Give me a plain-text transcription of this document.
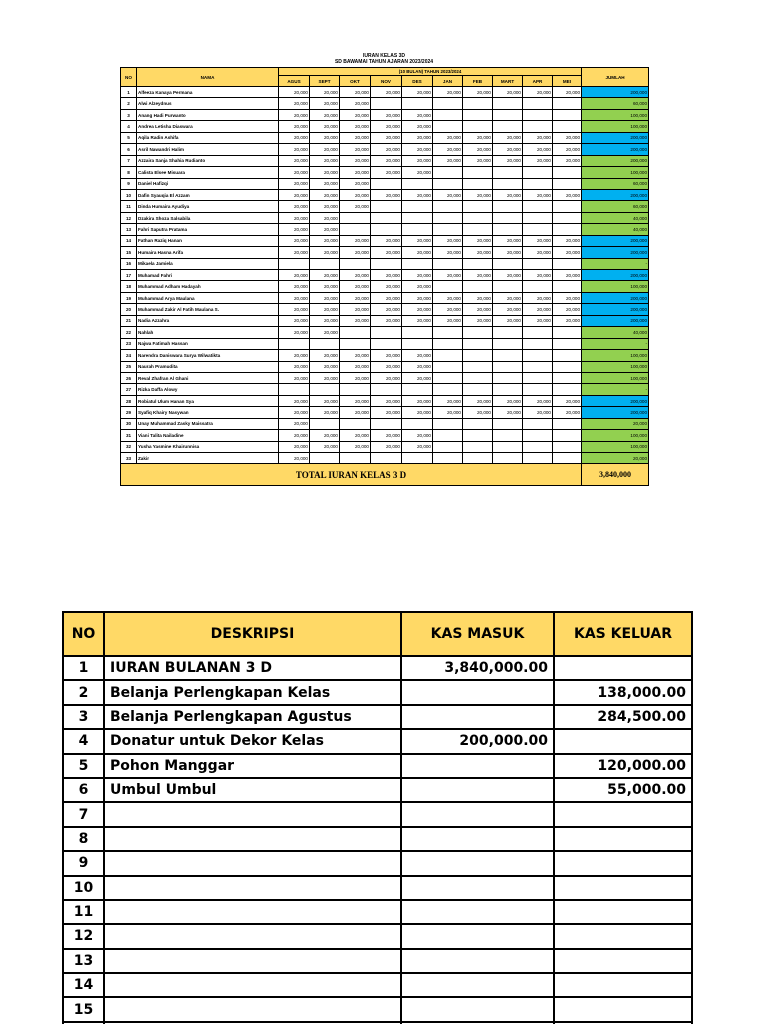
IURAN KELAS 3D
SD BAWAMAI TAHUN AJARAN 2023/2024
NO	NAMA	(10 BULAN) TAHUN 2023/2024										JUMLAH
		AGUS	SEPT	OKT	NOV	DES	JAN	FEB	MART	APR	MEI	
1	Alfeeza Kanaya Permana	20,000	20,000	20,000	20,000	20,000	20,000	20,000	20,000	20,000	20,000	200,000
2	Alwi Alzeydnus	20,000	20,000	20,000								60,000
3	Anang Hadi Purwanto	20,000	20,000	20,000	20,000	20,000						100,000
4	Andrea Letisha Diaswara	20,000	20,000	20,000	20,000	20,000						100,000
5	Aqila Radin Ashifa	20,000	20,000	20,000	20,000	20,000	20,000	20,000	20,000	20,000	20,000	200,000
6	Asril Nawandri Halim	20,000	20,000	20,000	20,000	20,000	20,000	20,000	20,000	20,000	20,000	200,000
7	Azzaira Sanja Shahia Rudianto	20,000	20,000	20,000	20,000	20,000	20,000	20,000	20,000	20,000	20,000	200,000
8	Calista Elsee Misuara	20,000	20,000	20,000	20,000	20,000						100,000
9	Daniel Hafizqi	20,000	20,000	20,000								60,000
10	Dafin Syauqia El Azzam	20,000	20,000	20,000	20,000	20,000	20,000	20,000	20,000	20,000	20,000	200,000
11	Dinda Humaira Ayudiya	20,000	20,000	20,000								60,000
12	Dzakira Shoza Salsabila	20,000	20,000									40,000
13	Fahri Saputra Pratama	20,000	20,000									40,000
14	Fathan Raziq Hanan	20,000	20,000	20,000	20,000	20,000	20,000	20,000	20,000	20,000	20,000	200,000
15	Humaira Hasna Arifa	20,000	20,000	20,000	20,000	20,000	20,000	20,000	20,000	20,000	20,000	200,000
16	Mikaela Jamiela											-
17	Muhamad Fahri	20,000	20,000	20,000	20,000	20,000	20,000	20,000	20,000	20,000	20,000	200,000
18	Muhammad Adham Hadayah	20,000	20,000	20,000	20,000	20,000						100,000
19	Muhammad Arya Maulana	20,000	20,000	20,000	20,000	20,000	20,000	20,000	20,000	20,000	20,000	200,000
20	Muhammad Zakir Al Fatih Maulana S.	20,000	20,000	20,000	20,000	20,000	20,000	20,000	20,000	20,000	20,000	200,000
21	Nadia Azzahra	20,000	20,000	20,000	20,000	20,000	20,000	20,000	20,000	20,000	20,000	200,000
22	Nahlah	20,000	20,000									40,000
23	Najwa Fatimah Hassan											-
24	Narendra Daniswara Surya Wilwatikta	20,000	20,000	20,000	20,000	20,000						100,000
25	Naurah Pramudita	20,000	20,000	20,000	20,000	20,000						100,000
26	Reval Zhafran Al Ghani	20,000	20,000	20,000	20,000	20,000						100,000
27	Rizka Daffa Alowy											-
28	Robiatul Ulum Hanan Sya	20,000	20,000	20,000	20,000	20,000	20,000	20,000	20,000	20,000	20,000	200,000
29	Syafiq Khairy Nasywan	20,000	20,000	20,000	20,000	20,000	20,000	20,000	20,000	20,000	20,000	200,000
30	Unay Muhammad Zasky Maissatra	20,000										20,000
31	Viani Talita Nailadine	20,000	20,000	20,000	20,000	20,000						100,000
32	Yusha Yasmine Khairunnisa	20,000	20,000	20,000	20,000	20,000						100,000
33	Zakir	20,000										20,000
TOTAL IURAN KELAS 3 D												3,840,000
NO	DESKRIPSI	KAS MASUK	KAS KELUAR
1	IURAN BULANAN 3 D	3,840,000.00	
2	Belanja Perlengkapan Kelas		138,000.00
3	Belanja Perlengkapan Agustus		284,500.00
4	Donatur untuk Dekor Kelas	200,000.00	
5	Pohon Manggar		120,000.00
6	Umbul Umbul		55,000.00
7			
8			
9			
10			
11			
12			
13			
14			
15			
